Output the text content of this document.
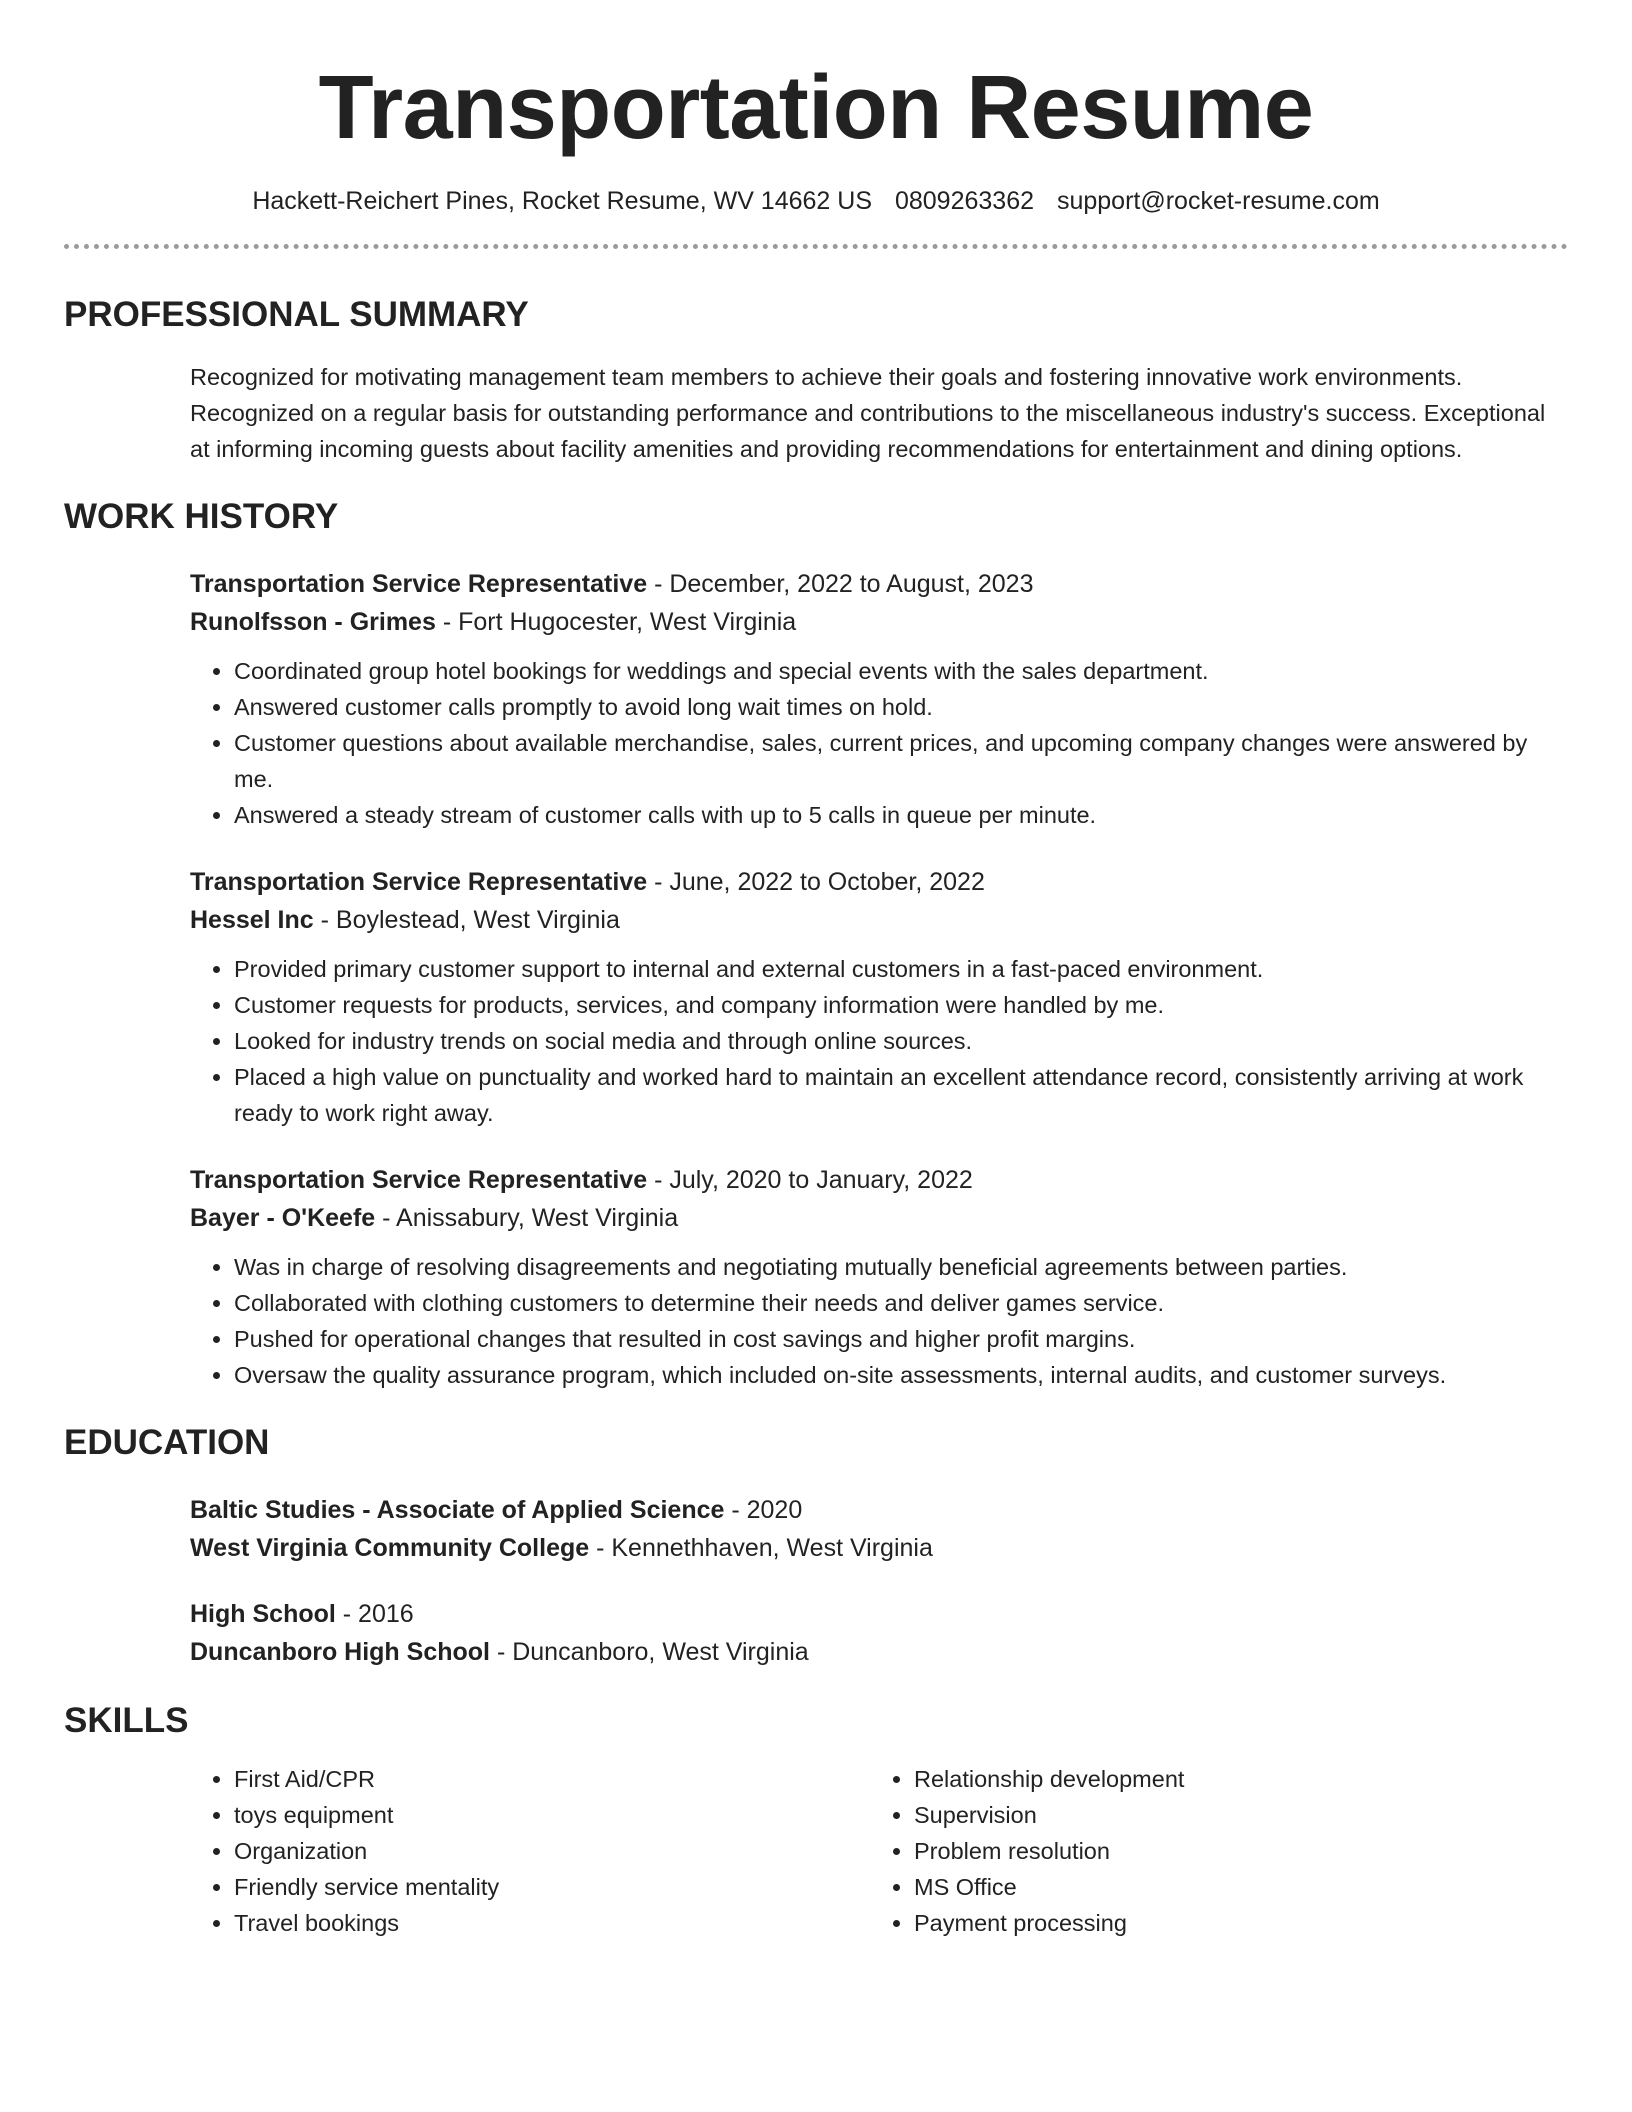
Transportation Resume
Hackett-Reichert Pines, Rocket Resume, WV 14662 US 0809263362 support@rocket-resume.com
PROFESSIONAL SUMMARY
Recognized for motivating management team members to achieve their goals and fostering innovative work environments. Recognized on a regular basis for outstanding performance and contributions to the miscellaneous industry's success. Exceptional at informing incoming guests about facility amenities and providing recommendations for entertainment and dining options.
WORK HISTORY
Transportation Service Representative - December, 2022 to August, 2023
Runolfsson - Grimes - Fort Hugocester, West Virginia
• Coordinated group hotel bookings for weddings and special events with the sales department.
• Answered customer calls promptly to avoid long wait times on hold.
• Customer questions about available merchandise, sales, current prices, and upcoming company changes were answered by me.
• Answered a steady stream of customer calls with up to 5 calls in queue per minute.
Transportation Service Representative - June, 2022 to October, 2022
Hessel Inc - Boylestead, West Virginia
• Provided primary customer support to internal and external customers in a fast-paced environment.
• Customer requests for products, services, and company information were handled by me.
• Looked for industry trends on social media and through online sources.
• Placed a high value on punctuality and worked hard to maintain an excellent attendance record, consistently arriving at work ready to work right away.
Transportation Service Representative - July, 2020 to January, 2022
Bayer - O'Keefe - Anissabury, West Virginia
• Was in charge of resolving disagreements and negotiating mutually beneficial agreements between parties.
• Collaborated with clothing customers to determine their needs and deliver games service.
• Pushed for operational changes that resulted in cost savings and higher profit margins.
• Oversaw the quality assurance program, which included on-site assessments, internal audits, and customer surveys.
EDUCATION
Baltic Studies - Associate of Applied Science - 2020
West Virginia Community College - Kennethhaven, West Virginia
High School - 2016
Duncanboro High School - Duncanboro, West Virginia
SKILLS
• First Aid/CPR
• toys equipment
• Organization
• Friendly service mentality
• Travel bookings
• Relationship development
• Supervision
• Problem resolution
• MS Office
• Payment processing
